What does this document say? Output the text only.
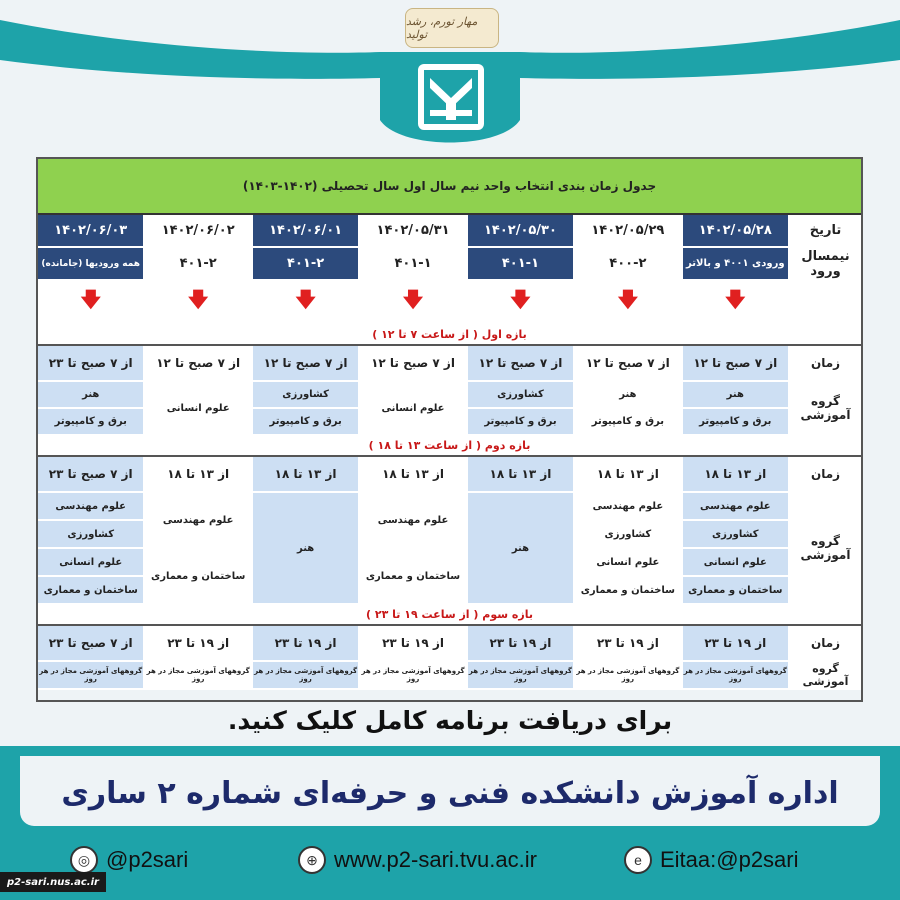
مهار تورم، رشد تولید
جدول زمان بندی انتخاب واحد نیم سال اول سال تحصیلی (۱۴۰۲-۱۴۰۳)							
تاریخ	۱۴۰۲/۰۵/۲۸	۱۴۰۲/۰۵/۲۹	۱۴۰۲/۰۵/۳۰	۱۴۰۲/۰۵/۳۱	۱۴۰۲/۰۶/۰۱	۱۴۰۲/۰۶/۰۲	۱۴۰۲/۰۶/۰۳
نیمسال ورود	ورودی ۴۰۰۱ و بالاتر	۴۰۰-۲	۴۰۱-۱	۴۰۱-۱	۴۰۱-۲	۴۰۱-۲	همه ورودیها (جامانده)
	🡇	🡇	🡇	🡇	🡇	🡇	🡇
بازه اول ( از ساعت ۷ تا ۱۲ )							
زمان	از ۷ صبح تا ۱۲	از ۷ صبح تا ۱۲	از ۷ صبح تا ۱۲	از ۷ صبح تا ۱۲	از ۷ صبح تا ۱۲	از ۷ صبح تا ۱۲	از ۷ صبح تا ۲۳
گروه آموزشی	هنر	هنر	کشاورزی	علوم انسانی	کشاورزی	علوم انسانی	هنر
	برق و کامپیوتر	برق و کامپیوتر	برق و کامپیوتر		برق و کامپیوتر		برق و کامپیوتر
بازه دوم ( از ساعت ۱۳ تا ۱۸ )							
زمان	از ۱۳ تا ۱۸	از ۱۳ تا ۱۸	از ۱۳ تا ۱۸	از ۱۳ تا ۱۸	از ۱۳ تا ۱۸	از ۱۳ تا ۱۸	از ۷ صبح تا ۲۳
گروه آموزشی	علوم مهندسی	علوم مهندسی	هنر	علوم مهندسی	هنر	علوم مهندسی	علوم مهندسی
	کشاورزی	کشاورزی					کشاورزی
	علوم انسانی	علوم انسانی		ساختمان و معماری		ساختمان و معماری	علوم انسانی
	ساختمان و معماری	ساختمان و معماری					ساختمان و معماری
بازه سوم ( از ساعت ۱۹ تا ۲۳ )							
زمان	از ۱۹ تا ۲۳	از ۱۹ تا ۲۳	از ۱۹ تا ۲۳	از ۱۹ تا ۲۳	از ۱۹ تا ۲۳	از ۱۹ تا ۲۳	از ۷ صبح تا ۲۳
گروه آموزشی	گروههای آموزشی مجاز در هر روز	گروههای آموزشی مجاز در هر روز	گروههای آموزشی مجاز در هر روز	گروههای آموزشی مجاز در هر روز	گروههای آموزشی مجاز در هر روز	گروههای آموزشی مجاز در هر روز	گروههای آموزشی مجاز در هر روز
برای دریافت برنامه کامل کلیک کنید.
اداره آموزش دانشکده فنی و حرفه‌ای شماره ۲ ساری
◎ @p2sari	⊕ www.p2-sari.tvu.ac.ir	e Eitaa:@p2sari
p2-sari.nus.ac.ir
